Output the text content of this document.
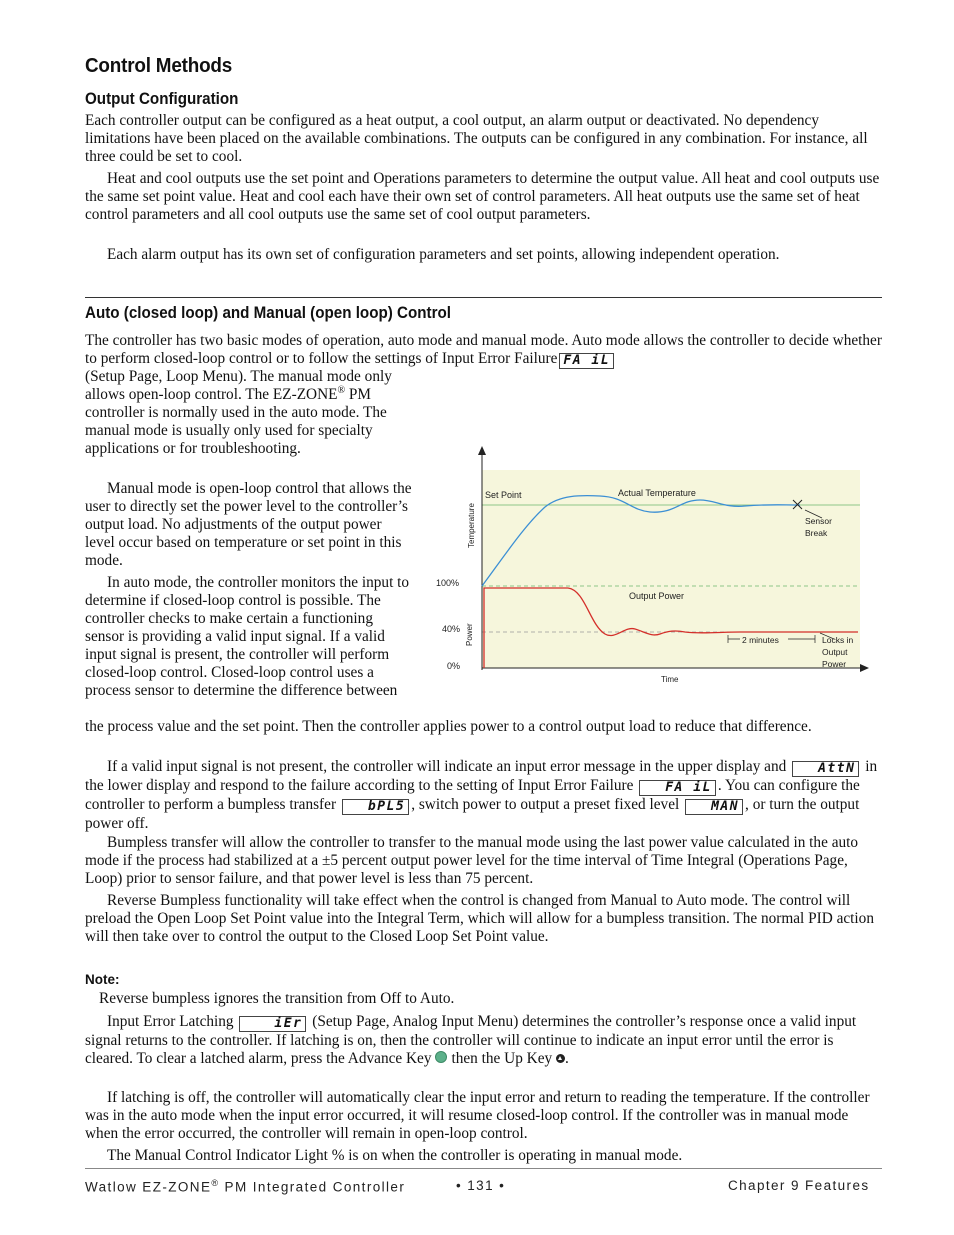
Control Methods
Output Configuration

Each controller output can be configured as a heat output, a cool output, an alarm output or deactivated. No dependency limitations have been placed on the available combinations. The outputs can be configured in any combination. For instance, all three could be set to cool.

Heat and cool outputs use the set point and Operations parameters to determine the output value. All heat and cool outputs use the same set point value. Heat and cool each have their own set of control parameters. All heat outputs use the same set of heat control parameters and all cool outputs use the same set of cool output parameters.

Each alarm output has its own set of configuration parameters and set points, allowing independent operation.

Auto (closed loop) and Manual (open loop) Control

The controller has two basic modes of operation, auto mode and manual mode. Auto mode allows the controller to decide whether to perform closed-loop control or to follow the settings of Input Error Failure FA iL

(Setup Page, Loop Menu). The manual mode only allows open-loop control. The EZ-ZONE® PM controller is normally used in the auto mode. The manual mode is usually only used for specialty applications or for troubleshooting.

Manual mode is open-loop control that allows the user to directly set the power level to the controller’s output load. No adjustments of the output power level occur based on temperature or set point in this mode.

In auto mode, the controller monitors the input to determine if closed-loop control is possible. The controller checks to make certain a functioning sensor is providing a valid input signal. If a valid input signal is present, the controller will perform closed-loop control. Closed-loop control uses a process sensor to determine the difference between

the process value and the set point. Then the controller applies power to a control output load to reduce that difference.

If a valid input signal is not present, the controller will indicate an input error message in the upper display and AttN in the lower display and respond to the failure according to the setting of Input Error Failure FA iL . You can configure the controller to perform a bumpless transfer bPL5 , switch power to output a preset fixed level MAN , or turn the output power off.

Bumpless transfer will allow the controller to transfer to the manual mode using the last power value calculated in the auto mode if the process had stabilized at a ±5 percent output power level for the time interval of Time Integral (Operations Page, Loop) prior to sensor failure, and that power level is less than 75 percent.

Reverse Bumpless functionality will take effect when the control is changed from Manual to Auto mode. The control will preload the Open Loop Set Point value into the Integral Term, which will allow for a bumpless transition. The normal PID action will then take over to control the output to the Closed Loop Set Point value.

Note:
Reverse bumpless ignores the transition from Off to Auto.

Input Error Latching	iEr (Setup Page, Analog Input Menu) determines the controller’s response once a valid input signal returns to the controller. If latching is on, then the controller will continue to indicate an input error until the error is cleared. To clear a latched alarm, press the Advance Key then the Up Key .

If latching is off, the controller will automatically clear the input error and return to reading the temperature. If the controller was in the auto mode when the input error occurred, it will resume closed-loop control. If the controller was in manual mode when the error occurred, the controller will remain in open-loop control.

The Manual Control Indicator Light % is on when the controller is operating in manual mode.

Watlow EZ-ZONE® PM Integrated Controller	• 131 •	Chapter 9 Features
Set Point	Actual Temperature
Sensor
Break
Output Power
2 minutes	Locks in
Output
Power
100%
40%
0%
Temperature
Power
Time
